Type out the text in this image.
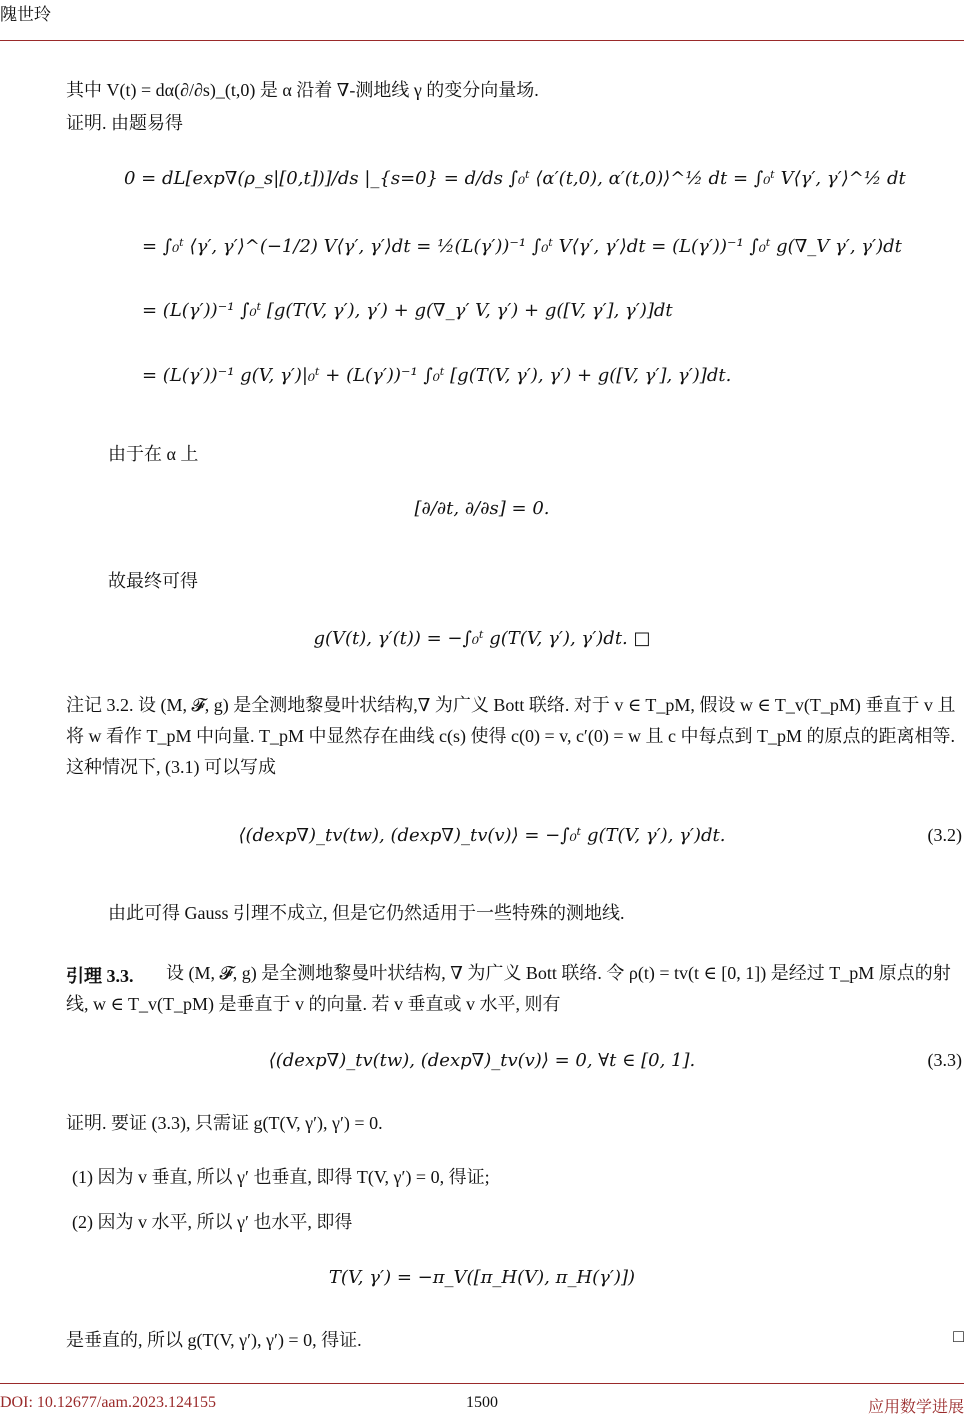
隗世玲
其中 V(t) = dα(∂/∂s)_(t,0) 是 α 沿着 ∇-测地线 γ 的变分向量场.
证明. 由题易得
0 = dL[exp∇(ρ_s|[0,t])]/ds |_{s=0} = d/ds ∫₀ᵗ ⟨α′(t,0), α′(t,0)⟩^½ dt = ∫₀ᵗ V⟨γ′, γ′⟩^½ dt
= ∫₀ᵗ ⟨γ′, γ′⟩^(−1/2) V⟨γ′, γ′⟩dt = ½(L(γ′))⁻¹ ∫₀ᵗ V⟨γ′, γ′⟩dt = (L(γ′))⁻¹ ∫₀ᵗ g(∇_V γ′, γ′)dt
= (L(γ′))⁻¹ ∫₀ᵗ [g(T(V, γ′), γ′) + g(∇_γ′ V, γ′) + g([V, γ′], γ′)]dt
= (L(γ′))⁻¹ g(V, γ′)|₀ᵗ + (L(γ′))⁻¹ ∫₀ᵗ [g(T(V, γ′), γ′) + g([V, γ′], γ′)]dt.
由于在 α 上
[∂/∂t, ∂/∂s] = 0.
故最终可得
g(V(t), γ′(t)) = −∫₀ᵗ g(T(V, γ′), γ′)dt. □
注记 3.2. 设 (M, 𝓕, g) 是全测地黎曼叶状结构,∇ 为广义 Bott 联络. 对于 v ∈ T_pM, 假设 w ∈ T_v(T_pM) 垂直于 v 且将 w 看作 T_pM 中向量. T_pM 中显然存在曲线 c(s) 使得 c(0) = v, c′(0) = w 且 c 中每点到 T_pM 的原点的距离相等. 这种情况下, (3.1) 可以写成
⟨(dexp∇)_tv(tw), (dexp∇)_tv(v)⟩ = −∫₀ᵗ g(T(V, γ′), γ′)dt.	(3.2)
由此可得 Gauss 引理不成立, 但是它仍然适用于一些特殊的测地线.
引理 3.3.	设 (M, 𝓕, g) 是全测地黎曼叶状结构, ∇ 为广义 Bott 联络. 令 ρ(t) = tv(t ∈ [0, 1]) 是经过 T_pM 原点的射线, w ∈ T_v(T_pM) 是垂直于 v 的向量. 若 v 垂直或 v 水平, 则有
⟨(dexp∇)_tv(tw), (dexp∇)_tv(v)⟩ = 0, ∀t ∈ [0, 1].	(3.3)
证明. 要证 (3.3), 只需证 g(T(V, γ′), γ′) = 0.
(1) 因为 v 垂直, 所以 γ′ 也垂直, 即得 T(V, γ′) = 0, 得证;
(2) 因为 v 水平, 所以 γ′ 也水平, 即得
T(V, γ′) = −π_V([π_H(V), π_H(γ′)])
是垂直的, 所以 g(T(V, γ′), γ′) = 0, 得证.	□
DOI: 10.12677/aam.2023.124155	1500	应用数学进展
